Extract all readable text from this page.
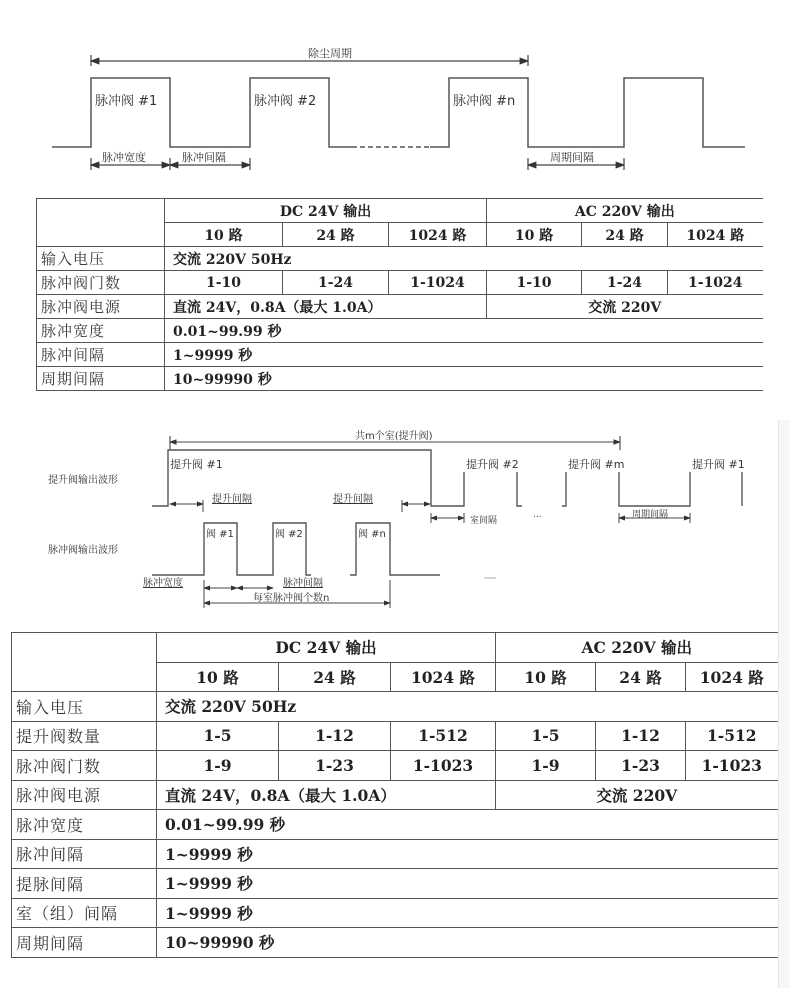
除尘周期
脉冲阀 #1	脉冲阀 #2	脉冲阀 #n
脉冲宽度	脉冲间隔	周期间隔
	DC 24V 输出			AC 220V 输出		
	10 路	24 路	1024 路	10 路	24 路	1024 路
输入电压	交流 220V 50Hz					
脉冲阀门数	1-10	1-24	1-1024	1-10	1-24	1-1024
脉冲阀电源	直流 24V，0.8A（最大 1.0A）			交流 220V		
脉冲宽度	0.01~99.99 秒					
脉冲间隔	1~9999 秒					
周期间隔	10~99990 秒					
共m个室(提升阀)
提升阀输出波形
脉冲阀输出波形
提升阀 #1	提升阀 #2	提升阀 #m	提升阀 #1
...
提升间隔	提升间隔
室间隔
周期间隔
阀 #1	阀 #2	阀 #n
脉冲宽度	脉冲间隔
每室脉冲阀个数n
	DC 24V 输出			AC 220V 输出		
	10 路	24 路	1024 路	10 路	24 路	1024 路
输入电压	交流 220V 50Hz					
提升阀数量	1-5	1-12	1-512	1-5	1-12	1-512
脉冲阀门数	1-9	1-23	1-1023	1-9	1-23	1-1023
脉冲阀电源	直流 24V，0.8A（最大 1.0A）			交流 220V		
脉冲宽度	0.01~99.99 秒					
脉冲间隔	1~9999 秒					
提脉间隔	1~9999 秒					
室（组）间隔	1~9999 秒					
周期间隔	10~99990 秒					
